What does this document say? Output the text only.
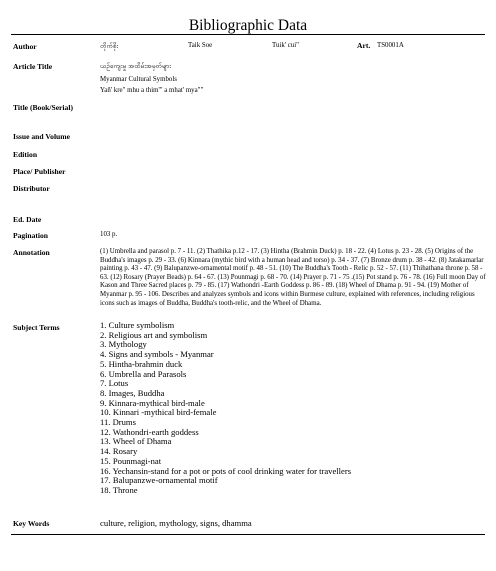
Bibliographic Data
Author	တိုက်စိုး	Taik Soe	Tuik' cui"	Art. TS0001A
Article Title	ယဉ်ကျေးမှု အထိမ်းအမှတ်များ
Myanmar Cultural Symbols
Yañ' kre" mhu a thim'" a mhat' mya""
Title (Book/Serial)
Issue and Volume
Edition
Place/ Publisher
Distributor
Ed. Date
Pagination	103 p.
Annotation	(1) Umbrella and parasol p. 7 - 11. (2) Thathika p.12 - 17. (3) Hintha (Brahmin Duck) p. 18 - 22. (4) Lotus p. 23 - 28. (5) Origins of the Buddha's images p. 29 - 33. (6) Kinnara (mythic bird with a human head and torso) p. 34 - 37. (7) Bronze drum p. 38 - 42. (8) Jatakamarlar painting p. 43 - 47. (9) Balupanzwe-ornamental motif p. 48 - 51. (10) The Buddha's Tooth - Relic p. 52 - 57. (11) Thihathana throne p. 58 - 63. (12) Rosary (Prayer Beads) p. 64 - 67. (13) Pounmagi p. 68 - 70. (14) Prayer p. 71 - 75 .(15) Pot stand p. 76 - 78. (16) Full moon Day of Kason and Three Sacred places p. 79 - 85. (17) Wathondri -Earth Goddess p. 86 - 89. (18) Wheel of Dhama p. 91 - 94. (19) Mother of Myanmar p. 95 - 106. Describes and analyzes symbols and icons within Burmese culture, explained with references, including religious icons such as images of Buddha, Buddha's tooth-relic, and the Wheel of Dhama.
Subject Terms	1. Culture symbolism
2. Religious art and symbolism
3. Mythology
4. Signs and symbols - Myanmar
5. Hintha-brahmin duck
6. Umbrella and Parasols
7. Lotus
8. Images, Buddha
9. Kinnara-mythical bird-male
10. Kinnari -mythical bird-female
11. Drums
12. Wathondri-earth goddess
13. Wheel of Dhama
14. Rosary
15. Pounmagi-nat
16. Yechansin-stand for a pot or pots of cool drinking water for travellers
17. Balupanzwe-ornamental motif
18. Throne
Key Words	culture, religion, mythology, signs, dhamma
